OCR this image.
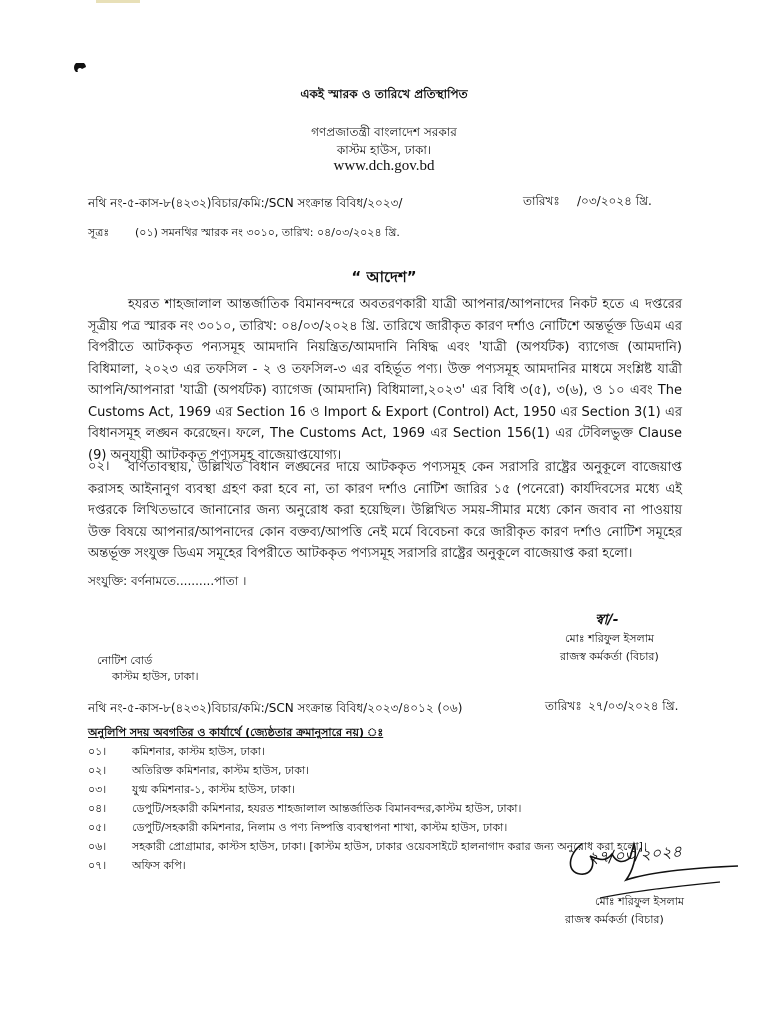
একই স্মারক ও তারিখে প্রতিস্থাপিত
গণপ্রজাতন্ত্রী বাংলাদেশ সরকার
কাস্টম হাউস, ঢাকা।
www.dch.gov.bd
নথি নং-৫-কাস-৮(৪২৩২)বিচার/কমি:/SCN সংক্রান্ত বিবিধ/২০২৩/	তারিখঃ /০৩/২০২৪ খ্রি.
সূত্রঃ (০১) সমনথির স্মারক নং ৩০১০, তারিখ: ০৪/০৩/২০২৪ খ্রি.
“ আদেশ”
হযরত শাহজালাল আন্তর্জাতিক বিমানবন্দরে অবতরণকারী যাত্রী আপনার/আপনাদের নিকট হতে এ দপ্তরের সূত্রীয় পত্র স্মারক নং ৩০১০, তারিখ: ০৪/০৩/২০২৪ খ্রি. তারিখে জারীকৃত কারণ দর্শাও নোটিশে অন্তর্ভূক্ত ডিএম এর বিপরীতে আটককৃত পন্যসমূহ আমদানি নিয়ন্ত্রিত/আমদানি নিষিদ্ধ এবং 'যাত্রী (অপর্যটক) ব্যাগেজ (আমদানি) বিধিমালা, ২০২৩ এর তফসিল - ২ ও তফসিল-৩ এর বহির্ভূত পণ্য। উক্ত পণ্যসমূহ আমদানির মাধমে সংশ্লিষ্ট যাত্রী আপনি/আপনারা 'যাত্রী (অপর্যটক) ব্যাগেজ (আমদানি) বিধিমালা,২০২৩' এর বিধি ৩(৫), ৩(৬), ও ১০ এবং The Customs Act, 1969 এর Section 16 ও Import & Export (Control) Act, 1950 এর Section 3(1) এর বিধানসমূহ লঙ্ঘন করেছেন। ফলে, The Customs Act, 1969 এর Section 156(1) এর টেবিলভুক্ত Clause (9) অনুযায়ী আটককৃত পণ্যসমূহ বাজেয়াপ্তযোগ্য।
০২।	বর্ণিতাবস্থায়, উল্লিখিত বিধান লঙ্ঘনের দায়ে আটককৃত পণ্যসমূহ কেন সরাসরি রাষ্ট্রের অনুকূলে বাজেয়াপ্ত করাসহ আইনানুগ ব্যবস্থা গ্রহণ করা হবে না, তা কারণ দর্শাও নোটিশ জারির ১৫ (পনেরো) কার্যদিবসের মধ্যে এই দপ্তরকে লিখিতভাবে জানানোর জন্য অনুরোধ করা হয়েছিল। উল্লিখিত সময়-সীমার মধ্যে কোন জবাব না পাওয়ায় উক্ত বিষয়ে আপনার/আপনাদের কোন বক্তব্য/আপত্তি নেই মর্মে বিবেচনা করে জারীকৃত কারণ দর্শাও নোটিশ সমূহের অন্তর্ভূক্ত সংযুক্ত ডিএম সমূহের বিপরীতে আটককৃত পণ্যসমূহ সরাসরি রাষ্ট্রের অনুকূলে বাজেয়াপ্ত করা হলো।
সংযুক্তি: বর্ণনামতে..........পাতা ।
স্বা/-
মোঃ শরিফুল ইসলাম
রাজস্ব কর্মকর্তা (বিচার)
নোটিশ বোর্ড
কাস্টম হাউস, ঢাকা।
নথি নং-৫-কাস-৮(৪২৩২)বিচার/কমি:/SCN সংক্রান্ত বিবিধ/২০২৩/৪০১২ (০৬)	তারিখঃ ২৭/০৩/২০২৪ খ্রি.
অনুলিপি সদয় অবগতির ও কার্যার্থে (জ্যেষ্ঠতার ক্রমানুসারে নয়) ঃ
০১। কমিশনার, কাস্টম হাউস, ঢাকা।
০২। অতিরিক্ত কমিশনার, কাস্টম হাউস, ঢাকা।
০৩। যুগ্ম কমিশনার-১, কাস্টম হাউস, ঢাকা।
০৪। ডেপুটি/সহকারী কমিশনার, হযরত শাহজালাল আন্তর্জাতিক বিমানবন্দর,কাস্টম হাউস, ঢাকা।
০৫। ডেপুটি/সহকারী কমিশনার, নিলাম ও পণ্য নিষ্পত্তি ব্যবস্থাপনা শাখা, কাস্টম হাউস, ঢাকা।
০৬। সহকারী প্রোগ্রামার, কাস্টস হাউস, ঢাকা। [কাস্টম হাউস, ঢাকার ওয়েবসাইটে হালনাগাদ করার জন্য অনুরোধ করা হলো]।
০৭। অফিস কপি।	২৭/০৩/২০২৪
মোঃ শরিফুল ইসলাম
রাজস্ব কর্মকর্তা (বিচার)
